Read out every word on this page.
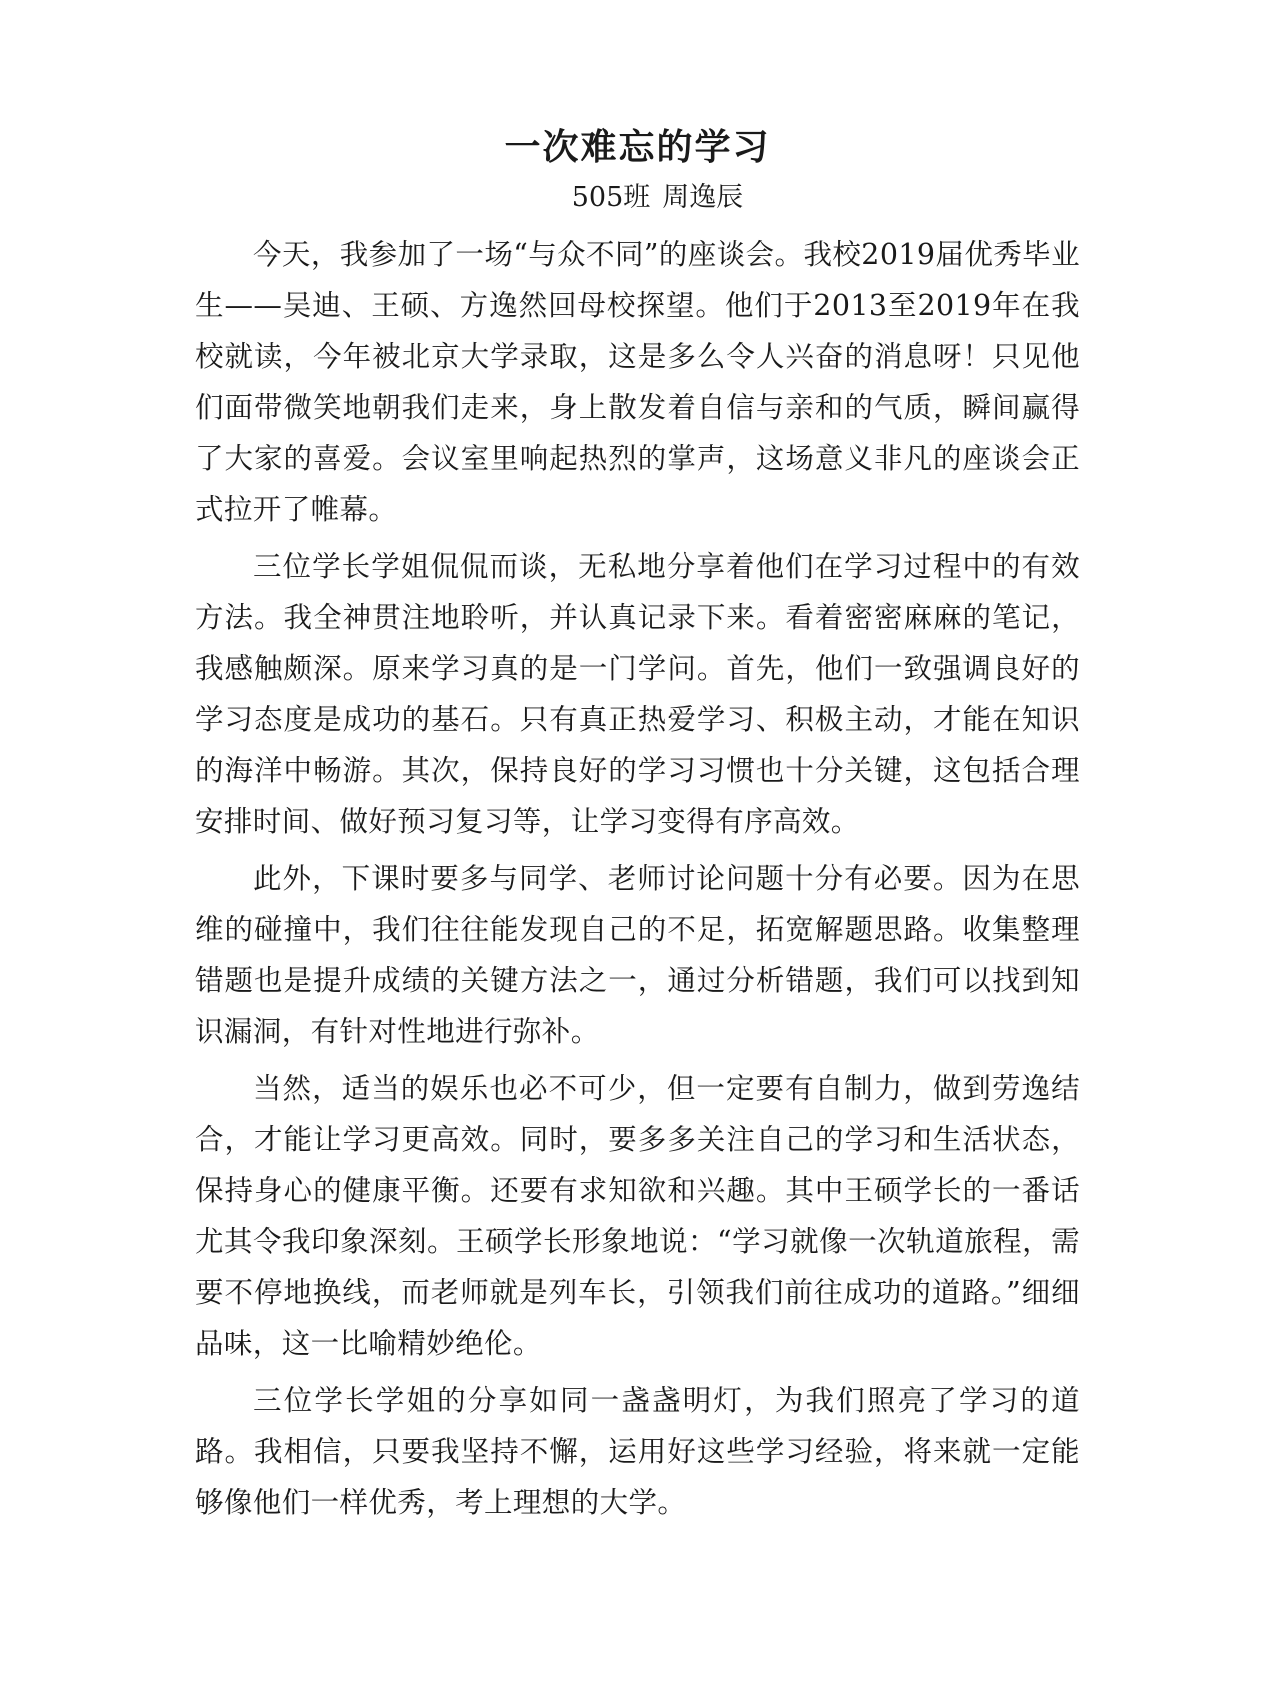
一次难忘的学习
505班 周逸辰

今天，我参加了一场“与众不同”的座谈会。我校2019届优秀毕业生——吴迪、王硕、方逸然回母校探望。他们于2013至2019年在我校就读，今年被北京大学录取，这是多么令人兴奋的消息呀！只见他们面带微笑地朝我们走来，身上散发着自信与亲和的气质，瞬间赢得了大家的喜爱。会议室里响起热烈的掌声，这场意义非凡的座谈会正式拉开了帷幕。

三位学长学姐侃侃而谈，无私地分享着他们在学习过程中的有效方法。我全神贯注地聆听，并认真记录下来。看着密密麻麻的笔记，我感触颇深。原来学习真的是一门学问。首先，他们一致强调良好的学习态度是成功的基石。只有真正热爱学习、积极主动，才能在知识的海洋中畅游。其次，保持良好的学习习惯也十分关键，这包括合理安排时间、做好预习复习等，让学习变得有序高效。

此外，下课时要多与同学、老师讨论问题十分有必要。因为在思维的碰撞中，我们往往能发现自己的不足，拓宽解题思路。收集整理错题也是提升成绩的关键方法之一，通过分析错题，我们可以找到知识漏洞，有针对性地进行弥补。

当然，适当的娱乐也必不可少，但一定要有自制力，做到劳逸结合，才能让学习更高效。同时，要多多关注自己的学习和生活状态，保持身心的健康平衡。还要有求知欲和兴趣。其中王硕学长的一番话尤其令我印象深刻。王硕学长形象地说：“学习就像一次轨道旅程，需要不停地换线，而老师就是列车长，引领我们前往成功的道路。”细细品味，这一比喻精妙绝伦。

三位学长学姐的分享如同一盏盏明灯，为我们照亮了学习的道路。我相信，只要我坚持不懈，运用好这些学习经验，将来就一定能够像他们一样优秀，考上理想的大学。
